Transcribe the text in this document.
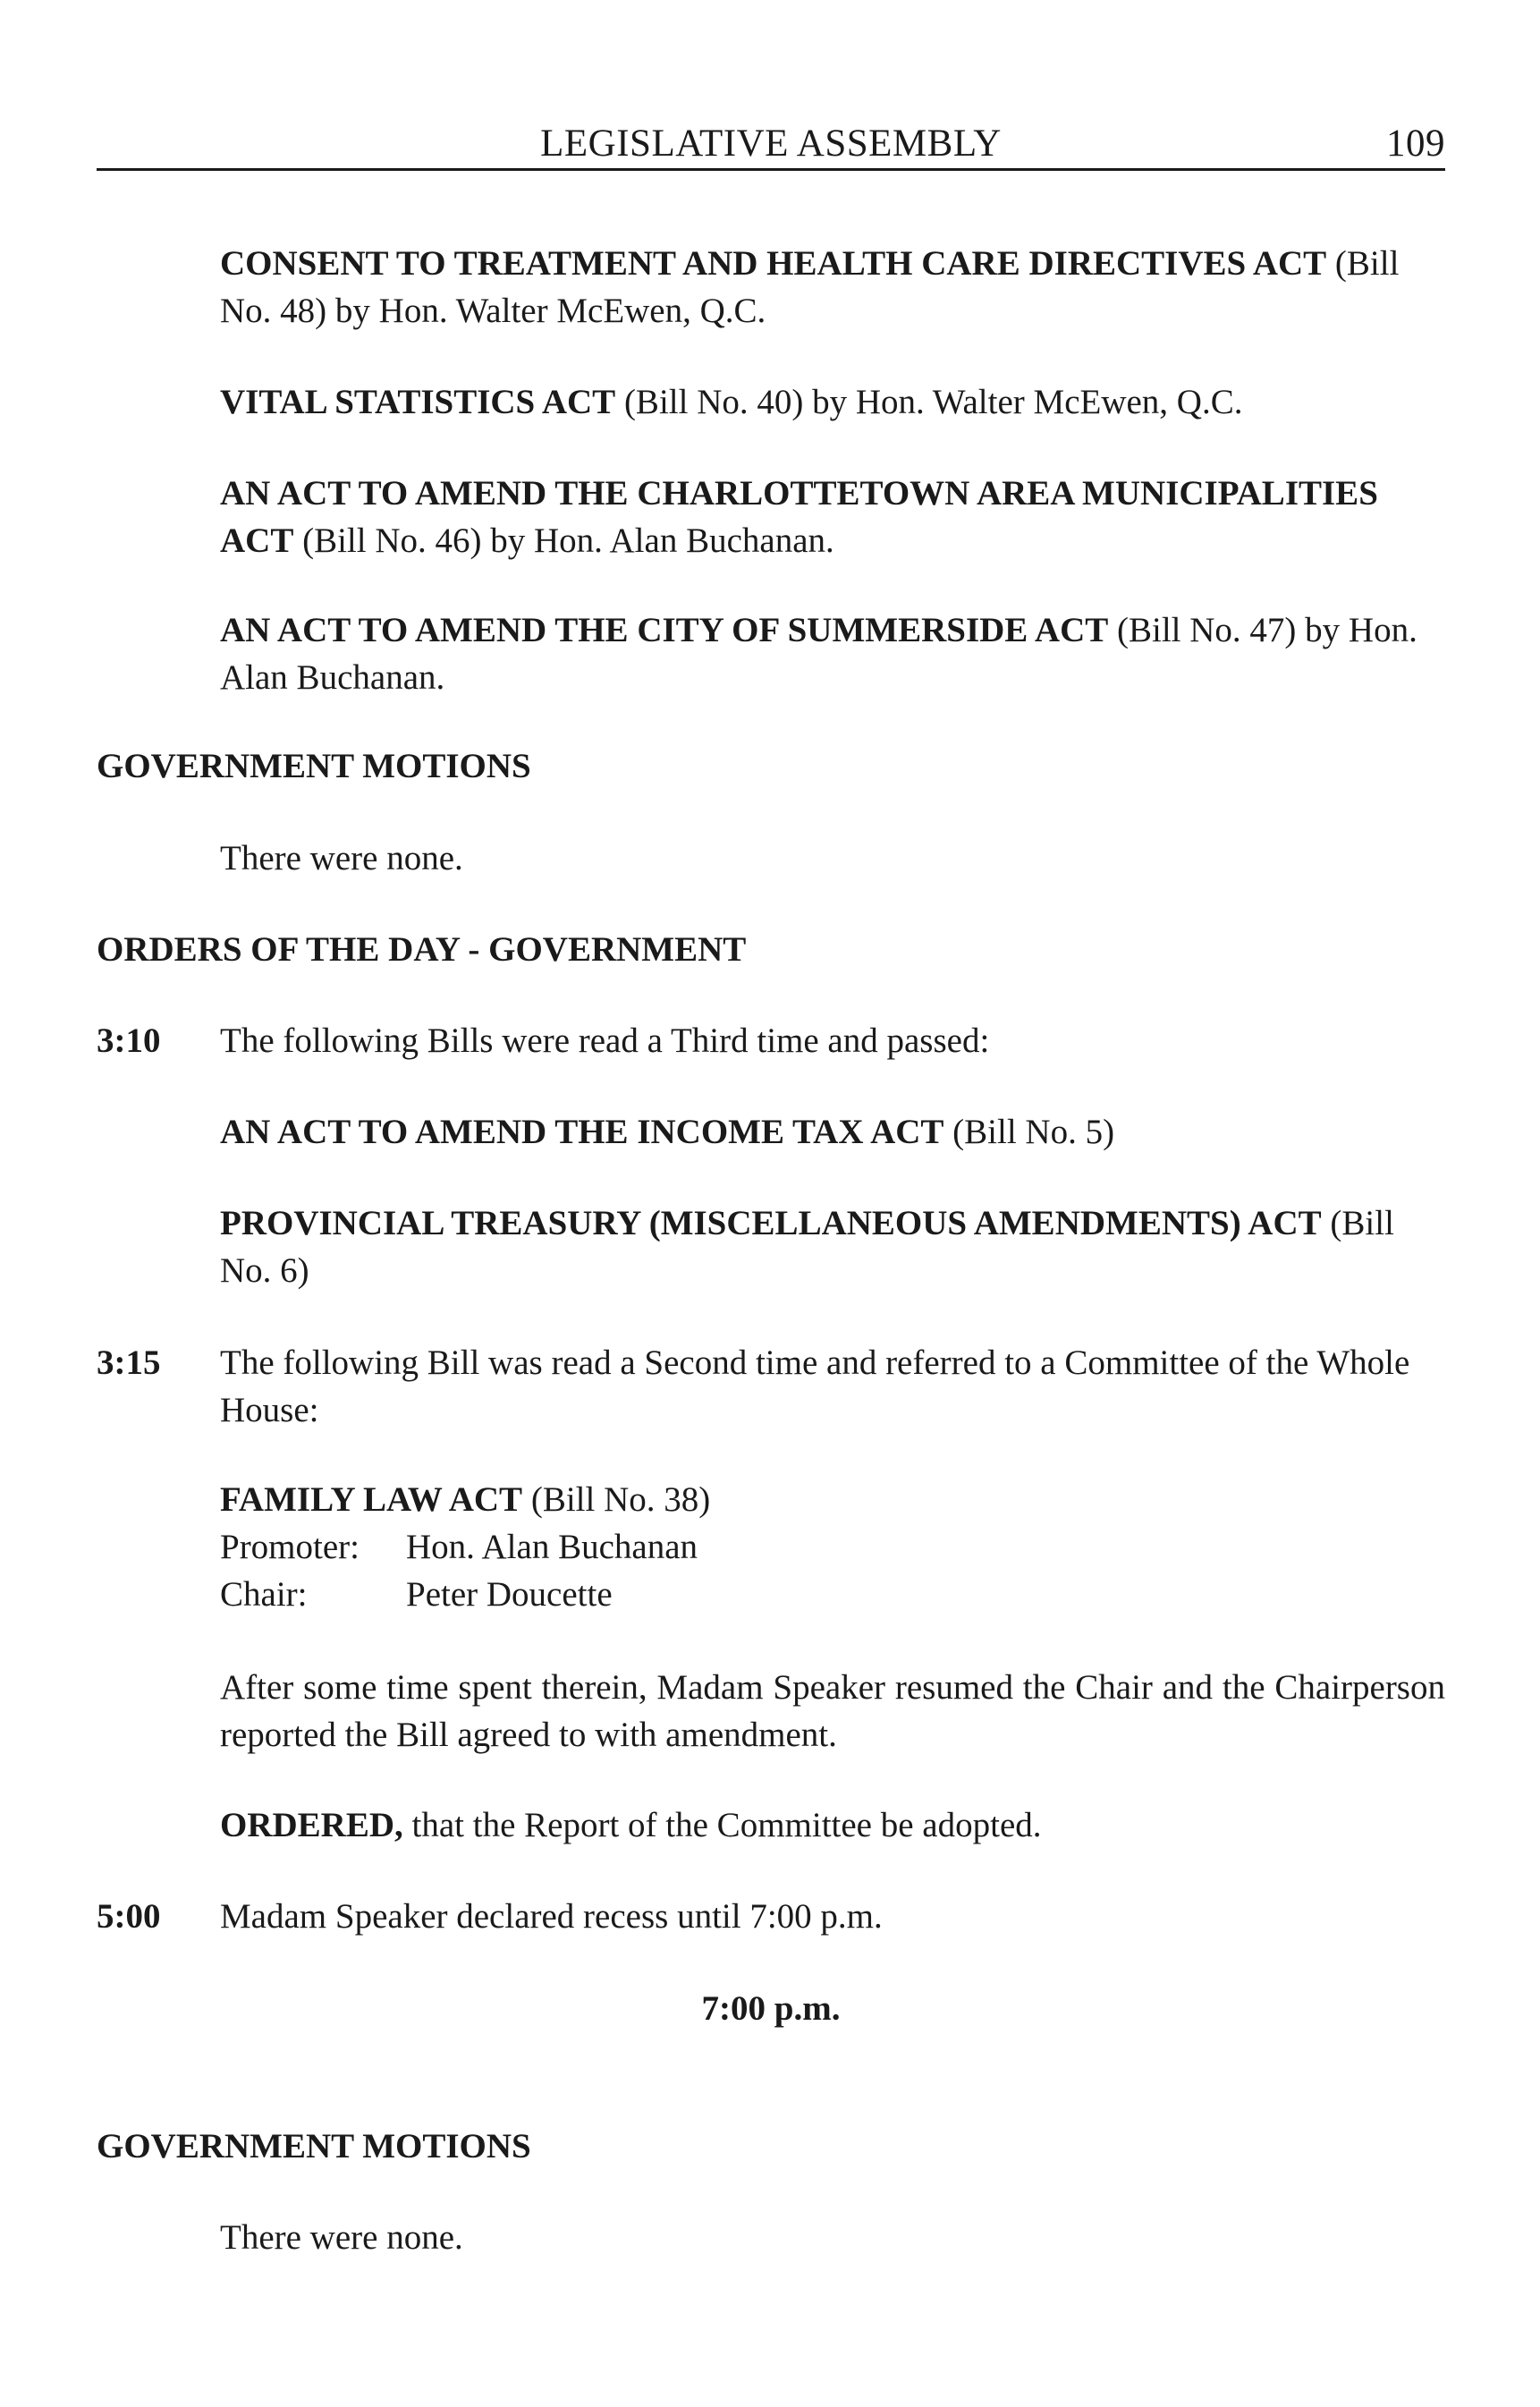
LEGISLATIVE ASSEMBLY	109
CONSENT TO TREATMENT AND HEALTH CARE DIRECTIVES ACT (Bill No. 48) by Hon. Walter McEwen, Q.C.
VITAL STATISTICS ACT (Bill No. 40) by Hon. Walter McEwen, Q.C.
AN ACT TO AMEND THE CHARLOTTETOWN AREA MUNICIPALITIES ACT (Bill No. 46) by Hon. Alan Buchanan.
AN ACT TO AMEND THE CITY OF SUMMERSIDE ACT (Bill No. 47) by Hon. Alan Buchanan.
GOVERNMENT MOTIONS
There were none.
ORDERS OF THE DAY - GOVERNMENT
3:10 The following Bills were read a Third time and passed:
AN ACT TO AMEND THE INCOME TAX ACT (Bill No. 5)
PROVINCIAL TREASURY (MISCELLANEOUS AMENDMENTS) ACT (Bill No. 6)
3:15 The following Bill was read a Second time and referred to a Committee of the Whole House:
FAMILY LAW ACT (Bill No. 38)
Promoter:	Hon. Alan Buchanan
Chair:	Peter Doucette
After some time spent therein, Madam Speaker resumed the Chair and the Chairperson reported the Bill agreed to with amendment.
ORDERED, that the Report of the Committee be adopted.
5:00 Madam Speaker declared recess until 7:00 p.m.
7:00 p.m.
GOVERNMENT MOTIONS
There were none.
